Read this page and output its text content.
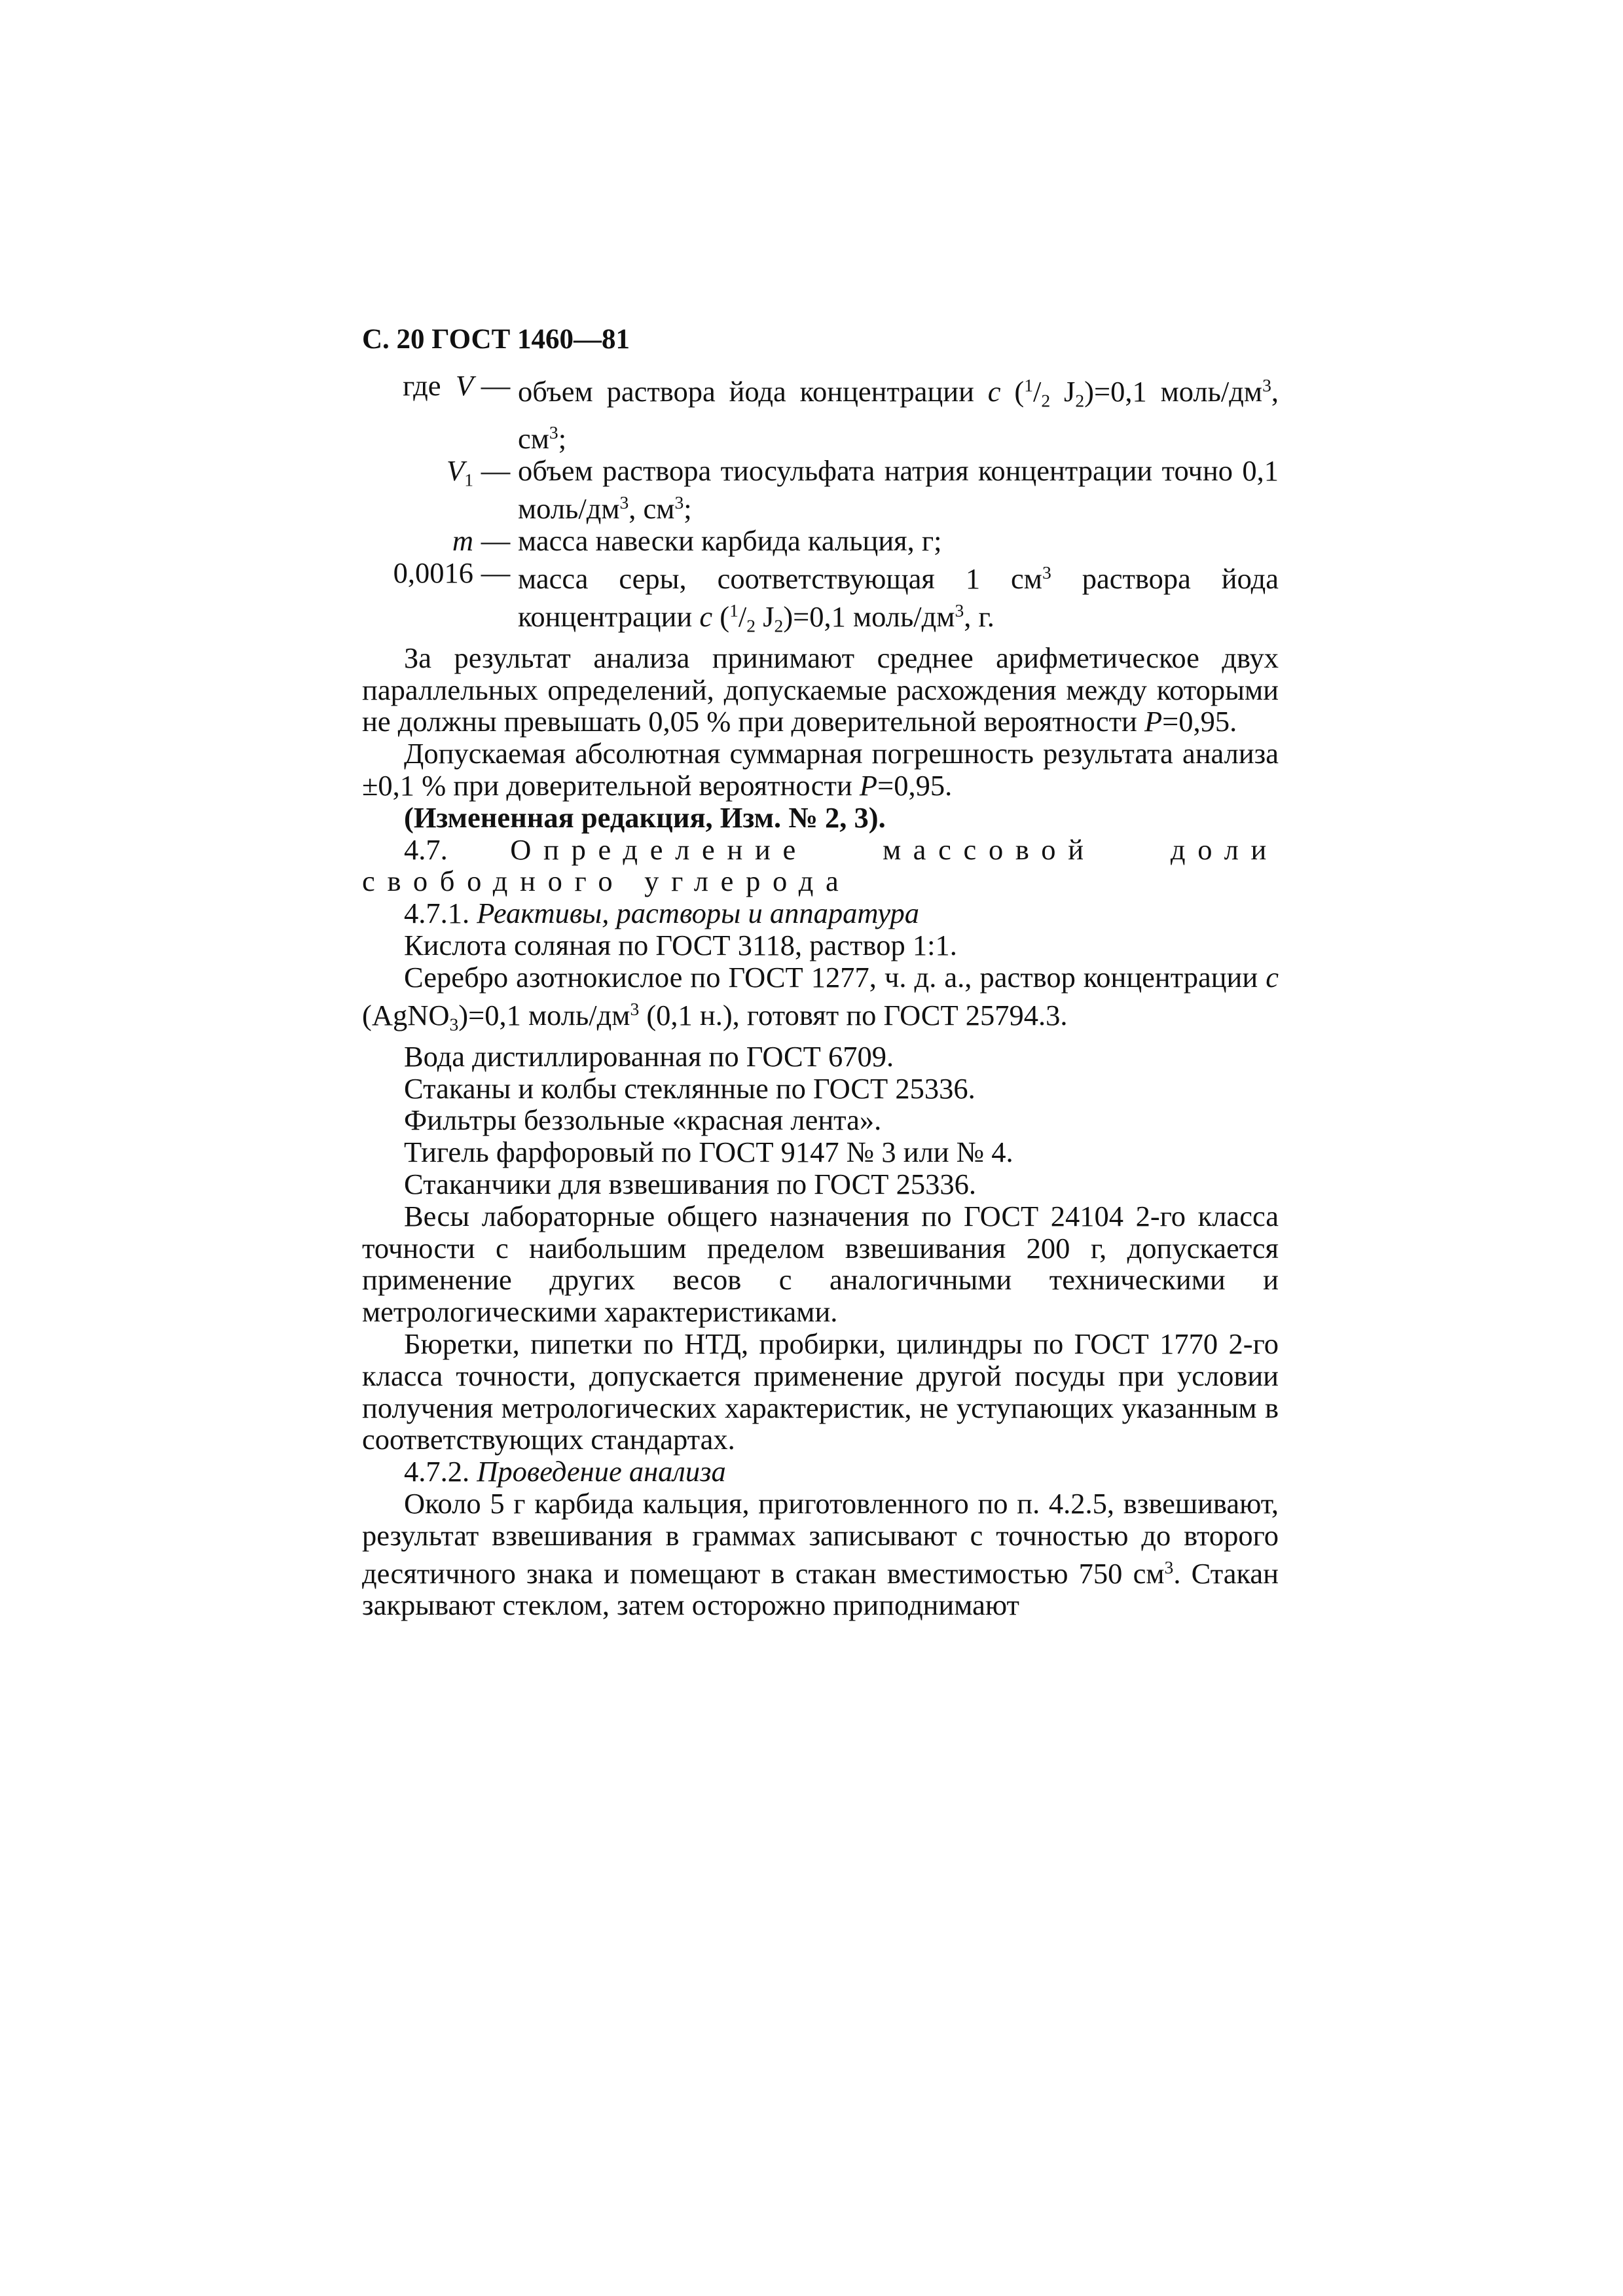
С. 20 ГОСТ 1460—81
где V	—	объем раствора йода концентрации с ($^1/_2$ $J_2)=0,1$ моль/$дм^3$, $см^3$;
$V_1$	—	объем раствора тиосульфата натрия концентрации точно 0,1 моль/$дм^3$, $см^3$;
m	—	масса навески карбида кальция, г;
0,0016	—	масса серы, соответствующая 1 $см^3$ раствора йода концентрации с ($^1/_2$ $J_2)=0,1$ моль/$дм^3$, г.

За результат анализа принимают среднее арифметическое двух параллельных определений, допускаемые расхождения между которыми не должны превышать 0,05 % при доверительной вероятности Р=0,95.

Допускаемая абсолютная суммарная погрешность результата анализа ±0,1 % при доверительной вероятности Р=0,95.

(Измененная редакция, Изм. № 2, 3).

4.7. Определение массовой доли свободного углерода

4.7.1. Реактивы, растворы и аппаратура

Кислота соляная по ГОСТ 3118, раствор 1:1.

Серебро азотнокислое по ГОСТ 1277, ч. д. а., раствор концентрации с (AgNO$_3$)=0,1 моль/$дм^3$ (0,1 н.), готовят по ГОСТ 25794.3.

Вода дистиллированная по ГОСТ 6709.

Стаканы и колбы стеклянные по ГОСТ 25336.

Фильтры беззольные «красная лента».

Тигель фарфоровый по ГОСТ 9147 № 3 или № 4.

Стаканчики для взвешивания по ГОСТ 25336.

Весы лабораторные общего назначения по ГОСТ 24104 2-го класса точности с наибольшим пределом взвешивания 200 г, допускается применение других весов с аналогичными техническими и метрологическими характеристиками.

Бюретки, пипетки по НТД, пробирки, цилиндры по ГОСТ 1770 2-го класса точности, допускается применение другой посуды при условии получения метрологических характеристик, не уступающих указанным в соответствующих стандартах.

4.7.2. Проведение анализа

Около 5 г карбида кальция, приготовленного по п. 4.2.5, взвешивают, результат взвешивания в граммах записывают с точностью до второго десятичного знака и помещают в стакан вместимостью 750 $см^3$. Стакан закрывают стеклом, затем осторожно приподнимают
